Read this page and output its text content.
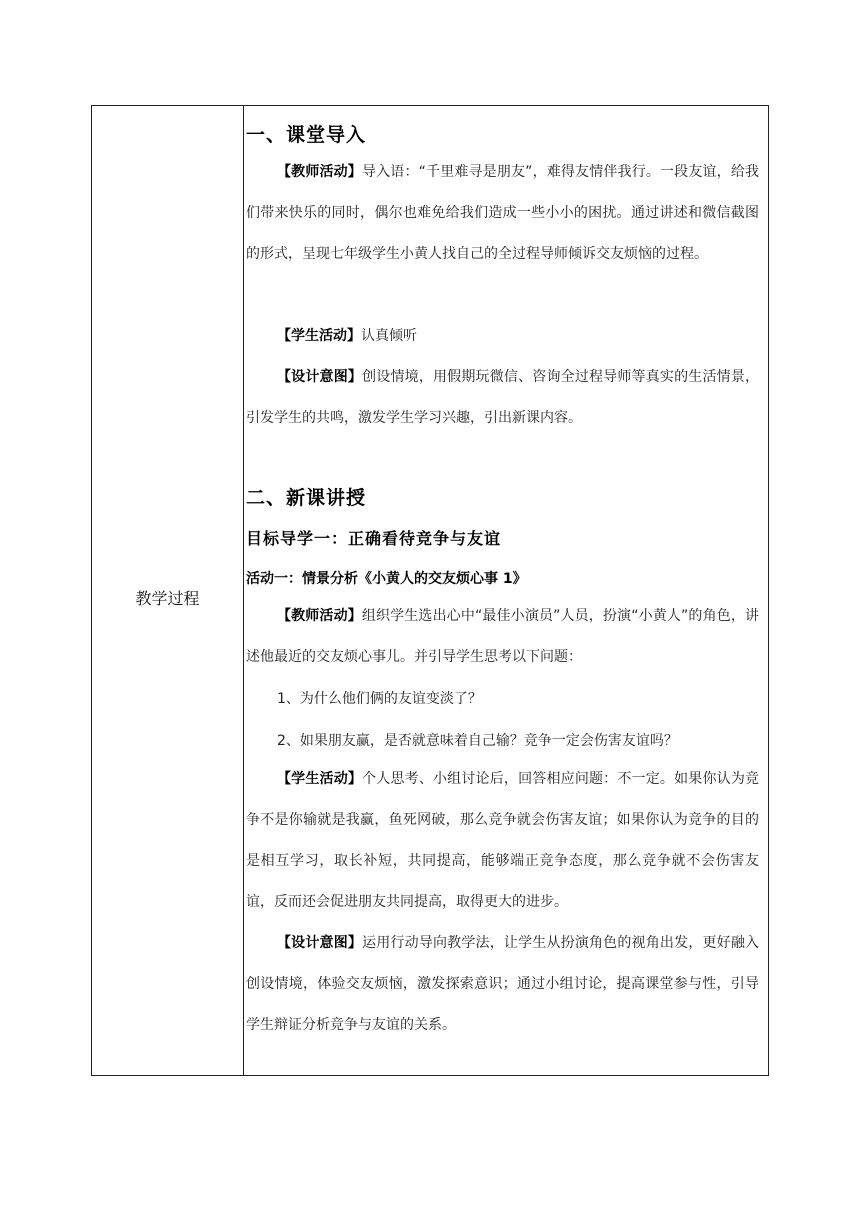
教学过程
一、课堂导入
【教师活动】导入语：“千里难寻是朋友”，难得友情伴我行。一段友谊，给我们带来快乐的同时，偶尔也难免给我们造成一些小小的困扰。通过讲述和微信截图的形式，呈现七年级学生小黄人找自己的全过程导师倾诉交友烦恼的过程。
【学生活动】认真倾听
【设计意图】创设情境，用假期玩微信、咨询全过程导师等真实的生活情景，引发学生的共鸣，激发学生学习兴趣，引出新课内容。
二、新课讲授
目标导学一：正确看待竞争与友谊
活动一：情景分析《小黄人的交友烦心事 1》
【教师活动】组织学生选出心中“最佳小演员”人员，扮演“小黄人”的角色，讲述他最近的交友烦心事儿。并引导学生思考以下问题：
1、为什么他们俩的友谊变淡了？
2、如果朋友赢，是否就意味着自己输？竞争一定会伤害友谊吗？
【学生活动】个人思考、小组讨论后，回答相应问题：不一定。如果你认为竞争不是你输就是我赢，鱼死网破，那么竞争就会伤害友谊；如果你认为竞争的目的是相互学习，取长补短，共同提高，能够端正竞争态度，那么竞争就不会伤害友谊，反而还会促进朋友共同提高，取得更大的进步。
【设计意图】运用行动导向教学法，让学生从扮演角色的视角出发，更好融入创设情境，体验交友烦恼，激发探索意识；通过小组讨论，提高课堂参与性，引导学生辩证分析竞争与友谊的关系。
